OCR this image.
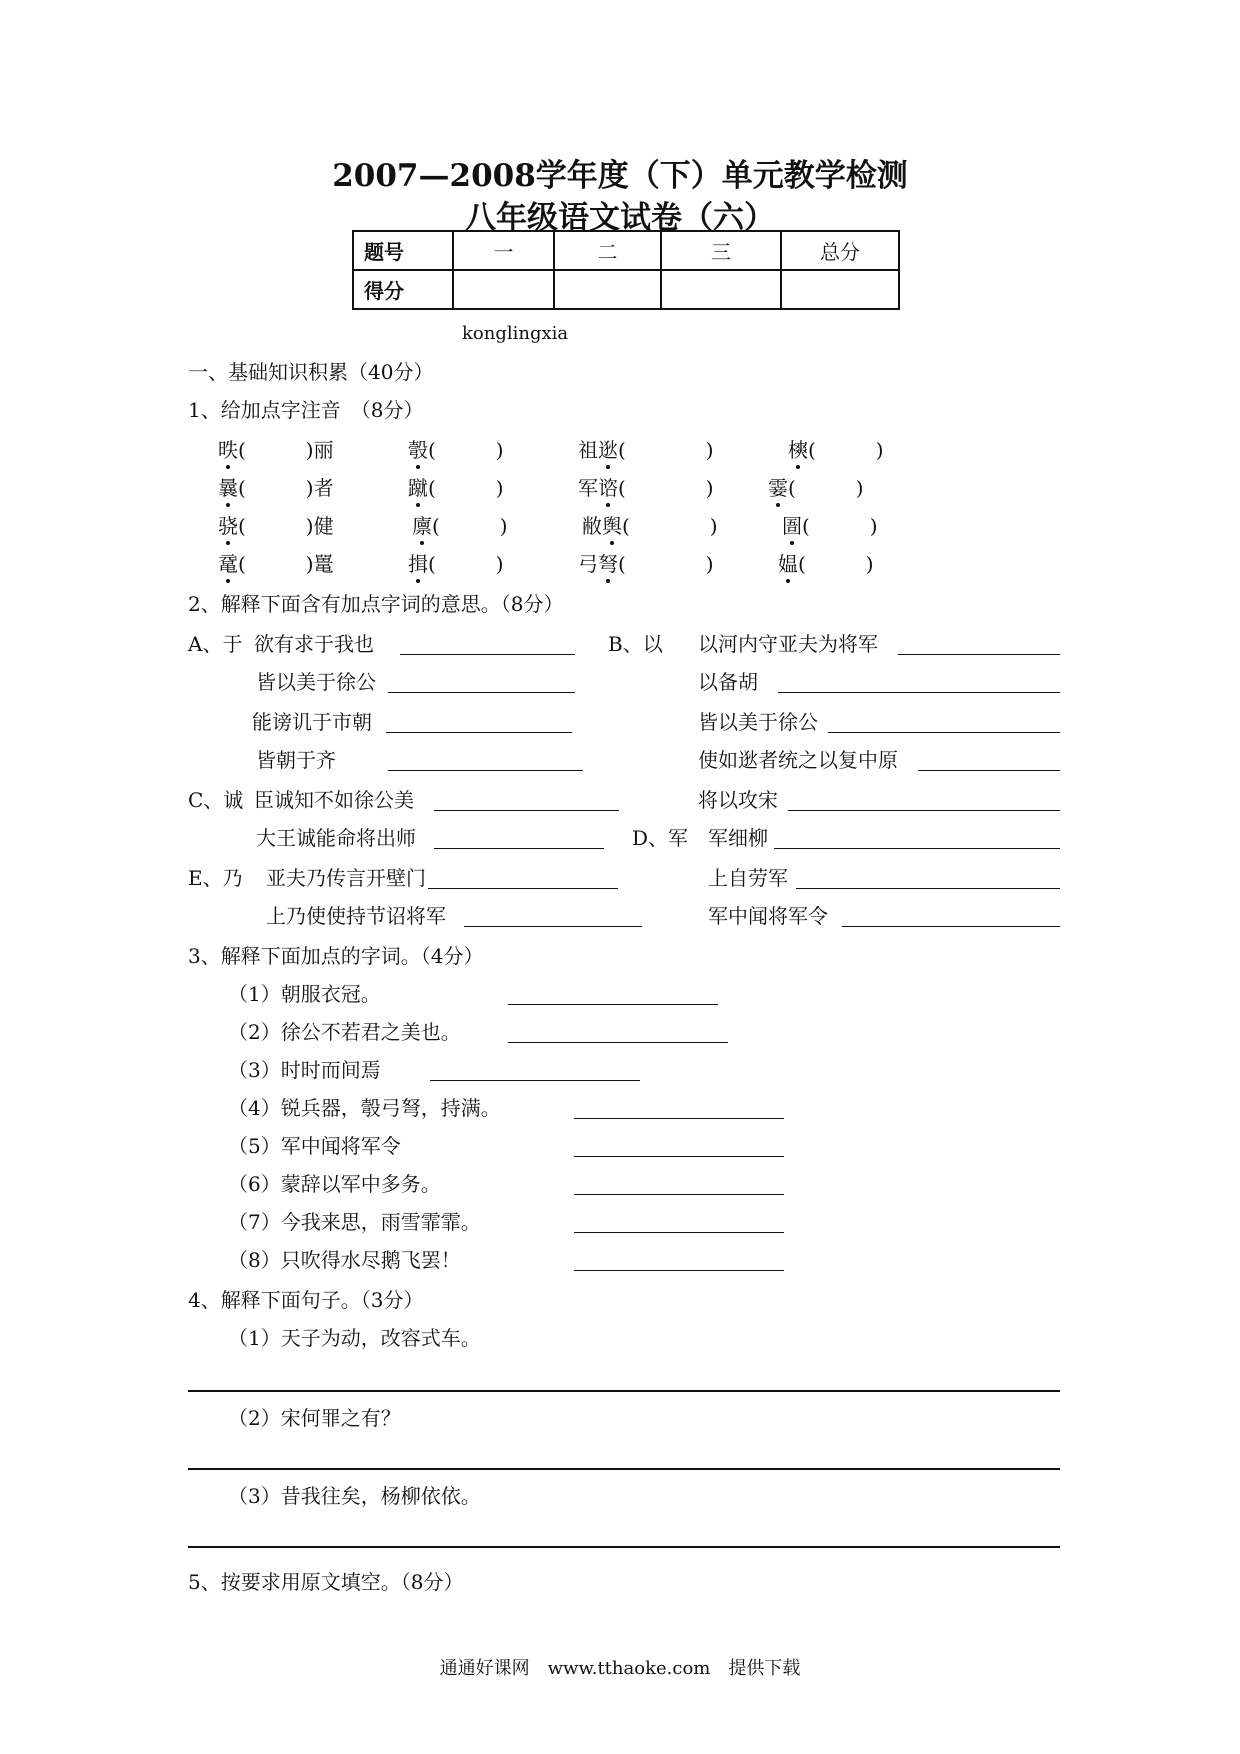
2007—2008学年度（下）单元教学检测
八年级语文试卷（六）
题号	一	二	三	总分
得分				
konglingxia
一、基础知识积累（40分）
1、给加点字注音　（8分）
昳(　　　)丽	彀(　　　)	祖逖(　　　　)	樉(　　　)
曩(　　　)者	蹴(　　　)	军谘(　　　　)	霎(　　　)
骁(　　　)健	廪(　　　)	敝舆(　　　　)	圄(　　　)
鼋(　　　)鼍	揖(　　　)	弓弩(　　　　)	媪(　　　)
2、解释下面含有加点字词的意思。（8分）
A、于 欲有求于我也	B、以 以河内守亚夫为将军
皆以美于徐公	以备胡
能谤讥于市朝	皆以美于徐公
皆朝于齐	使如逖者统之以复中原
C、诚 臣诚知不如徐公美	将以攻宋
大王诚能命将出师	D、军 军细柳
E、乃 亚夫乃传言开壁门	上自劳军
上乃使使持节诏将军	军中闻将军令
3、解释下面加点的字词。（4分）
（1）朝服衣冠。
（2）徐公不若君之美也。
（3）时时而间焉
（4）锐兵器，彀弓弩，持满。
（5）军中闻将军令
（6）蒙辞以军中多务。
（7）今我来思，雨雪霏霏。
（8）只吹得水尽鹅飞罢！
4、解释下面句子。（3分）
（1）天子为动，改容式车。
（2）宋何罪之有？
（3）昔我往矣，杨柳依依。
5、按要求用原文填空。（8分）
通通好课网　www.tthaoke.com　提供下载
